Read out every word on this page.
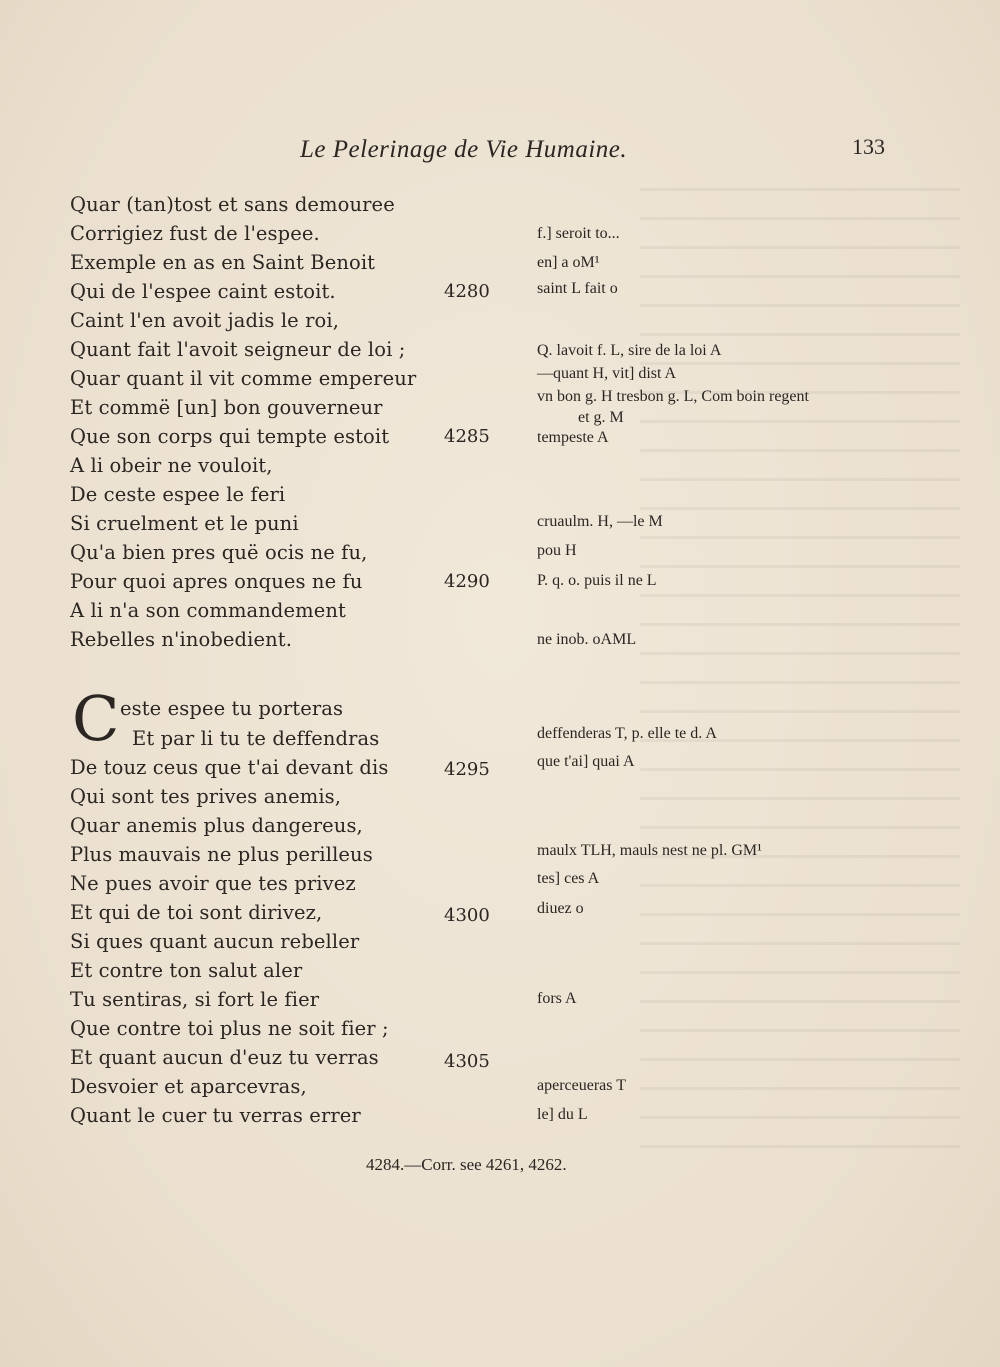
Le Pelerinage de Vie Humaine.	133
Quar (tan)tost et sans demouree
Corrigiez fust de l'espee.
Exemple en as en Saint Benoit
Qui de l'espee caint estoit.
Caint l'en avoit jadis le roi,
Quant fait l'avoit seigneur de loi ;
Quar quant il vit comme empereur
Et commë [un] bon gouverneur
Que son corps qui tempte estoit
A li obeir ne vouloit,
De ceste espee le feri
Si cruelment et le puni
Qu'a bien pres quë ocis ne fu,
Pour quoi apres onques ne fu
A li n'a son commandement
Rebelles n'inobedient.
C este espee tu porteras
Et par li tu te deffendras
De touz ceus que t'ai devant dis
Qui sont tes prives anemis,
Quar anemis plus dangereus,
Plus mauvais ne plus perilleus
Ne pues avoir que tes privez
Et qui de toi sont dirivez,
Si ques quant aucun rebeller
Et contre ton salut aler
Tu sentiras, si fort le fier
Que contre toi plus ne soit fier ;
Et quant aucun d'euz tu verras
Desvoier et aparcevras,
Quant le cuer tu verras errer
4280
4285
4290
4295
4300
4305
f.] seroit to...
en] a oM¹
saint L fait o
Q. lavoit f. L, sire de la loi A
—quant H, vit] dist A
vn bon g. H tresbon g. L, Com boin regent
et g. M
tempeste A
cruaulm. H, —le M
pou H
P. q. o. puis il ne L
ne inob. oAML
deffenderas T, p. elle te d. A
que t'ai] quai A
maulx TLH, mauls nest ne pl. GM¹
tes] ces A
diuez o
fors A
aperceueras T
le] du L
4284.—Corr. see 4261, 4262.
